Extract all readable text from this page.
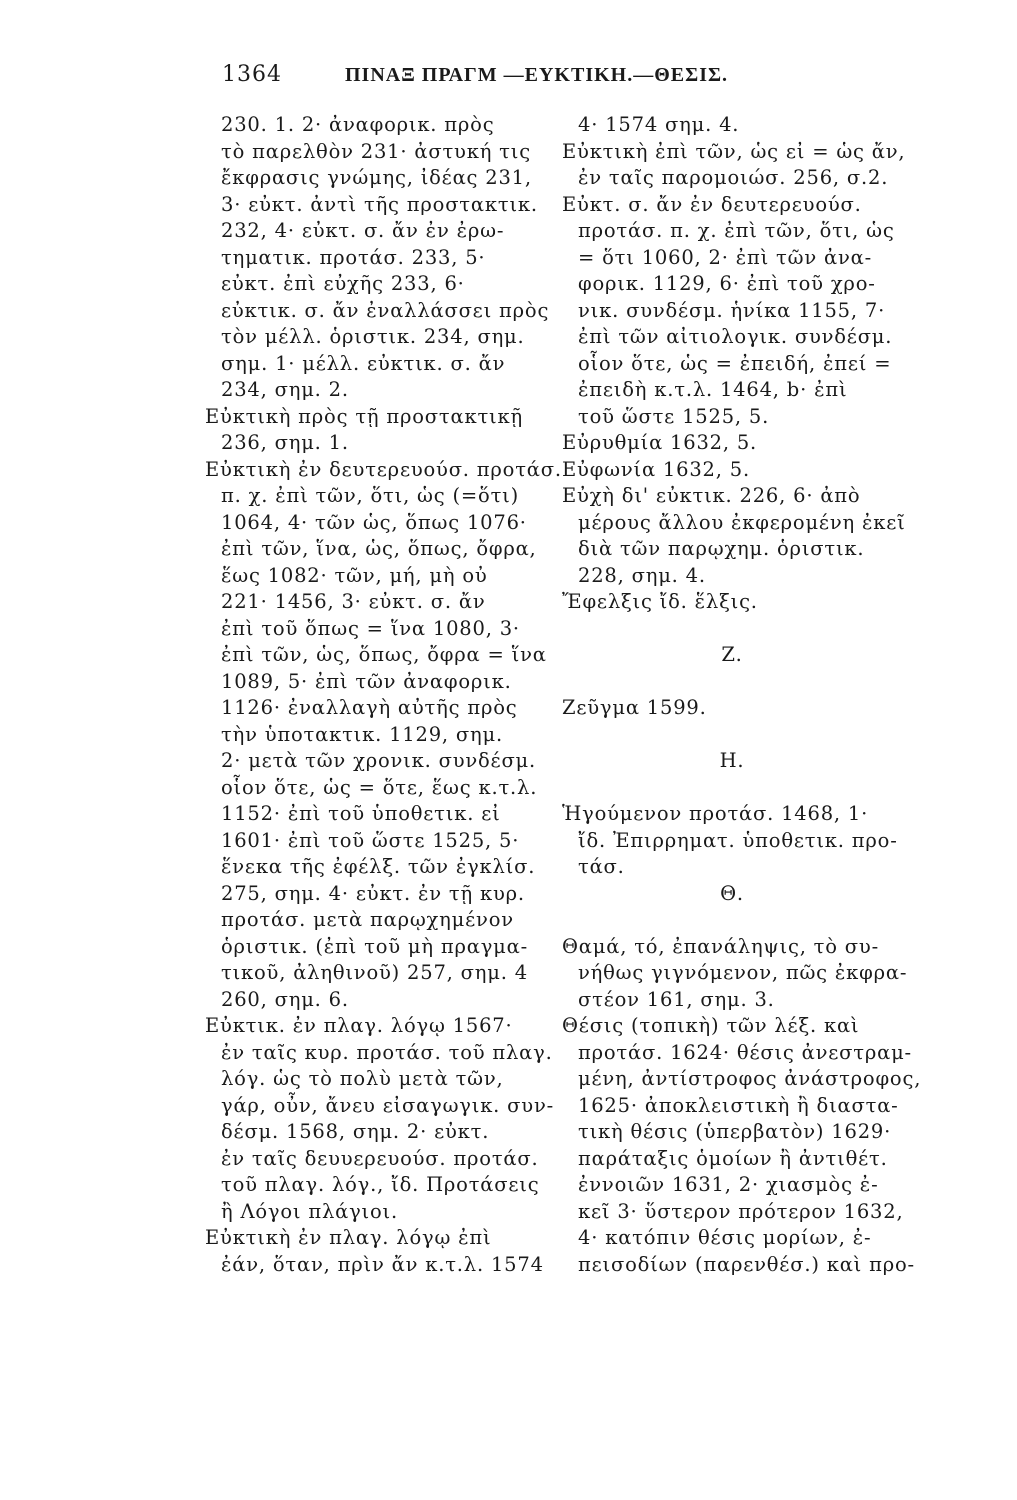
1364	ΠΙΝΑΞ ΠΡΑΓΜ —ΕΥΚΤΙΚΗ.—ΘΕΣΙΣ.
230. 1. 2· ἀναφορικ. πρὸς
τὸ παρελθὸν 231· ἀστυκή τις
ἔκφρασις γνώμης, ἰδέας 231,
3· εὐκτ. ἀντὶ τῆς προστακτικ.
232, 4· εὐκτ. σ. ἄν ἐν ἐρω-
τηματικ. προτάσ. 233, 5·
εὐκτ. ἐπὶ εὐχῆς 233, 6·
εὐκτικ. σ. ἄν ἐναλλάσσει πρὸς
τὸν μέλλ. ὁριστικ. 234, σημ.
σημ. 1· μέλλ. εὐκτικ. σ. ἄν
234, σημ. 2.
Εὐκτικὴ πρὸς τῇ προστακτικῇ
236, σημ. 1.
Εὐκτικὴ ἐν δευτερευούσ. προτάσ.
π. χ. ἐπὶ τῶν, ὅτι, ὡς (=ὅτι)
1064, 4· τῶν ὡς, ὅπως 1076·
ἐπὶ τῶν, ἵνα, ὡς, ὅπως, ὄφρα,
ἕως 1082· τῶν, μή, μὴ οὐ
221· 1456, 3· εὐκτ. σ. ἄν
ἐπὶ τοῦ ὅπως = ἵνα 1080, 3·
ἐπὶ τῶν, ὡς, ὅπως, ὄφρα = ἵνα
1089, 5· ἐπὶ τῶν ἀναφορικ.
1126· ἐναλλαγὴ αὐτῆς πρὸς
τὴν ὑποτακτικ. 1129, σημ.
2· μετὰ τῶν χρονικ. συνδέσμ.
οἷον ὅτε, ὡς = ὅτε, ἕως κ.τ.λ.
1152· ἐπὶ τοῦ ὑποθετικ. εἰ
1601· ἐπὶ τοῦ ὥστε 1525, 5·
ἕνεκα τῆς ἐφέλξ. τῶν ἐγκλίσ.
275, σημ. 4· εὐκτ. ἐν τῇ κυρ.
προτάσ. μετὰ παρῳχημένον
ὁριστικ. (ἐπὶ τοῦ μὴ πραγμα-
τικοῦ, ἀληθινοῦ) 257, σημ. 4
260, σημ. 6.
Εὐκτικ. ἐν πλαγ. λόγῳ 1567·
ἐν ταῖς κυρ. προτάσ. τοῦ πλαγ.
λόγ. ὡς τὸ πολὺ μετὰ τῶν,
γάρ, οὖν, ἄνευ εἰσαγωγικ. συν-
δέσμ. 1568, σημ. 2· εὐκτ.
ἐν ταῖς δευυερευούσ. προτάσ.
τοῦ πλαγ. λόγ., ἴδ. Προτάσεις
ἢ Λόγοι πλάγιοι.
Εὐκτικὴ ἐν πλαγ. λόγῳ ἐπὶ
ἐάν, ὅταν, πρὶν ἄν κ.τ.λ. 1574
4· 1574 σημ. 4.
Εὐκτικὴ ἐπὶ τῶν, ὡς εἰ = ὡς ἄν,
ἐν ταῖς παρομοιώσ. 256, σ.2.
Εὐκτ. σ. ἄν ἐν δευτερευούσ.
προτάσ. π. χ. ἐπὶ τῶν, ὅτι, ὡς
= ὅτι 1060, 2· ἐπὶ τῶν ἀνα-
φορικ. 1129, 6· ἐπὶ τοῦ χρο-
νικ. συνδέσμ. ἡνίκα 1155, 7·
ἐπὶ τῶν αἰτιολογικ. συνδέσμ.
οἷον ὅτε, ὡς = ἐπειδή, ἐπεί =
ἐπειδὴ κ.τ.λ. 1464, b· ἐπὶ
τοῦ ὥστε 1525, 5.
Εὐρυθμία 1632, 5.
Εὐφωνία 1632, 5.
Εὐχὴ δι' εὐκτικ. 226, 6· ἀπὸ
μέρους ἄλλου ἐκφερομένη ἐκεῖ
διὰ τῶν παρῳχημ. ὁριστικ.
228, σημ. 4.
Ἔφελξις ἴδ. ἕλξις.
Ζ.
Ζεῦγμα 1599.
Η.
Ἡγούμενον προτάσ. 1468, 1·
ἴδ. Ἐπιρρηματ. ὑποθετικ. προ-
τάσ.
Θ.
Θαμά, τό, ἐπανάληψις, τὸ συ-
νήθως γιγνόμενον, πῶς ἐκφρα-
στέον 161, σημ. 3.
Θέσις (τοπικὴ) τῶν λέξ. καὶ
προτάσ. 1624· θέσις ἀνεστραμ-
μένη, ἀντίστροφος ἀνάστροφος,
1625· ἀποκλειστικὴ ἢ διαστα-
τικὴ θέσις (ὑπερβατὸν) 1629·
παράταξις ὁμοίων ἢ ἀντιθέτ.
ἐννοιῶν 1631, 2· χιασμὸς ἐ-
κεῖ 3· ὕστερον πρότερον 1632,
4· κατόπιν θέσις μορίων, ἐ-
πεισοδίων (παρενθέσ.) καὶ προ-
